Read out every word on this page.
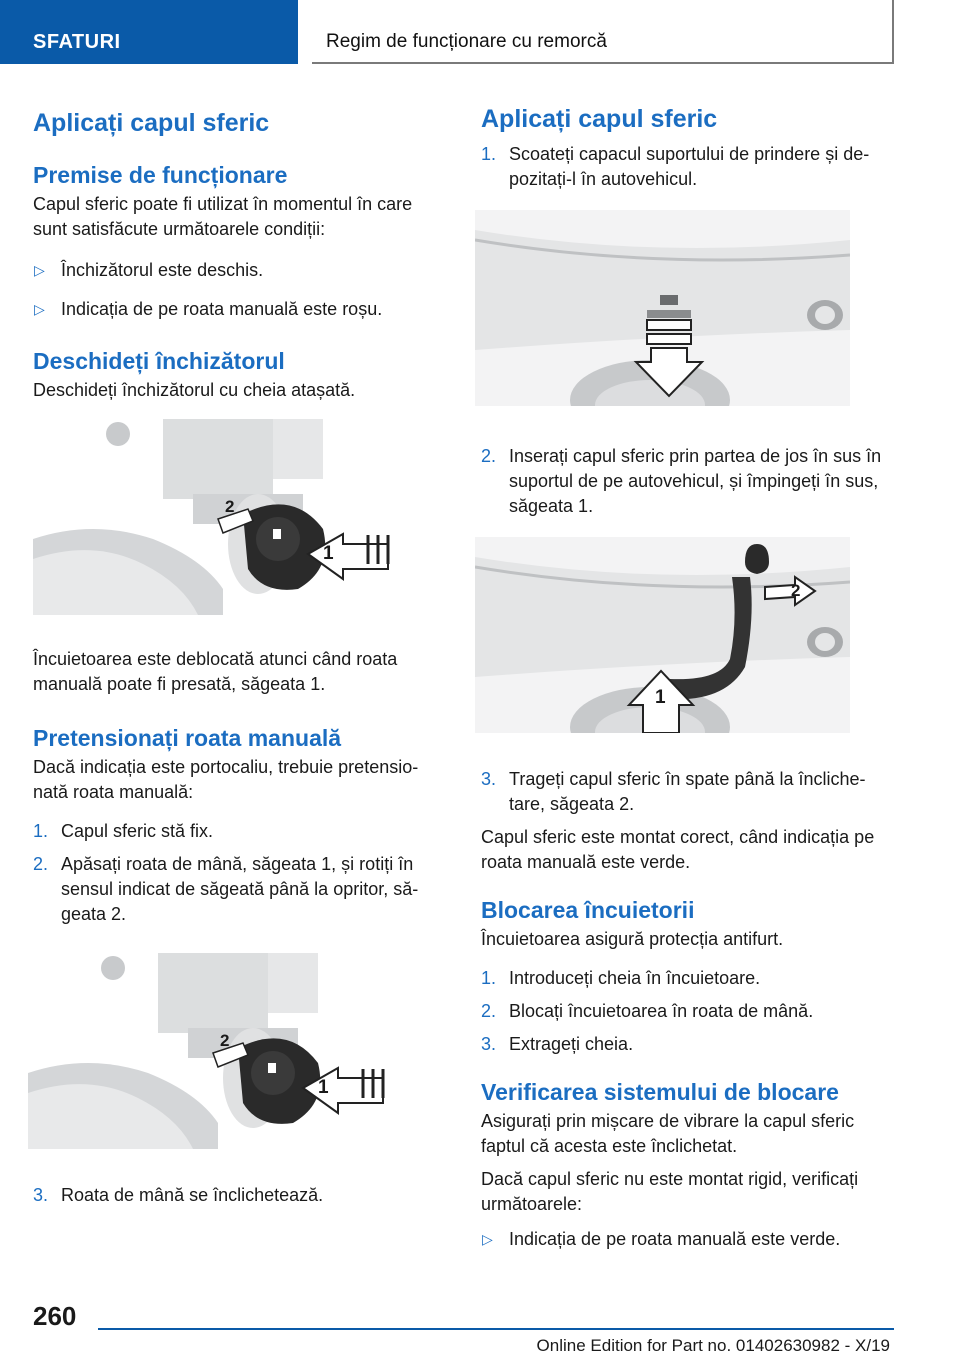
SFATURI	Regim de funcționare cu remorcă
Aplicați capul sferic
Premise de funcționare

Capul sferic poate fi utilizat în momentul în care sunt satisfăcute următoarele condiții:

▷ Închizătorul este deschis.
▷ Indicația de pe roata manuală este roșu.
Deschideți închizătorul

Deschideți închizătorul cu cheia atașată.

2
1

Încuietoarea este deblocată atunci când roata manuală poate fi presată, săgeata 1.

Pretensionați roata manuală

Dacă indicația este portocaliu, trebuie pretensio-nată roata manuală:

1. Capul sferic stă fix.
2. Apăsați roata de mână, săgeata 1, și rotiți în sensul indicat de săgeată până la opritor, să-geata 2.
2
1
3. Roata de mână se înclichetează.
Aplicați capul sferic
1. Scoateți capacul suportului de prindere și de-pozitați-l în autovehicul.
2. Inserați capul sferic prin partea de jos în sus în suportul de pe autovehicul, și împingeți în sus, săgeata 1.
2
1
3. Trageți capul sferic în spate până la încliche-tare, săgeata 2.

Capul sferic este montat corect, când indicația pe roata manuală este verde.

Blocarea încuietorii

Încuietoarea asigură protecția antifurt.

1. Introduceți cheia în încuietoare.
2. Blocați încuietoarea în roata de mână.
3. Extrageți cheia.
Verificarea sistemului de blocare

Asigurați prin mișcare de vibrare la capul sferic faptul că acesta este înclichetat.

Dacă capul sferic nu este montat rigid, verificați următoarele:

▷ Indicația de pe roata manuală este verde.
260
Online Edition for Part no. 01402630982 - X/19
